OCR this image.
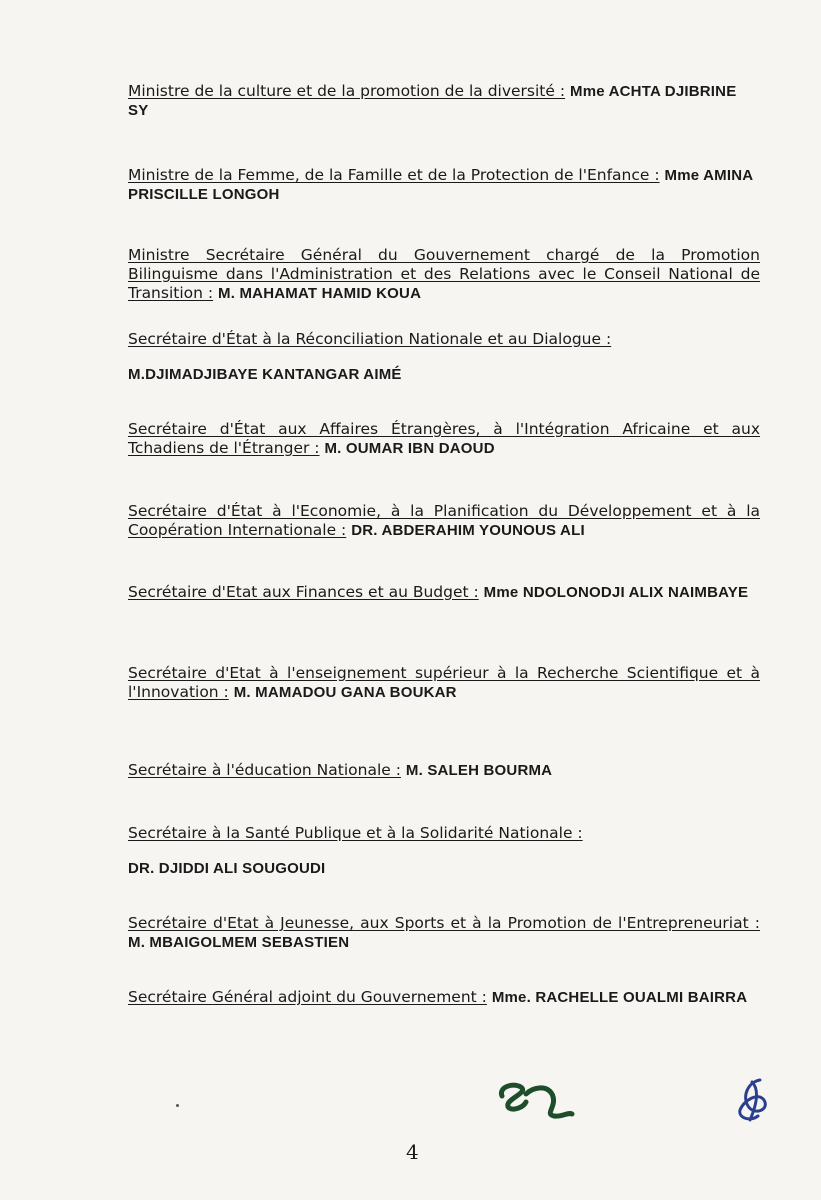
Ministre de la culture et de la promotion de la diversité : Mme ACHTA DJIBRINE SY
Ministre de la Femme, de la Famille et de la Protection de l'Enfance : Mme AMINA PRISCILLE LONGOH
Ministre Secrétaire Général du Gouvernement chargé de la Promotion Bilinguisme dans l'Administration et des Relations avec le Conseil National de Transition : M. MAHAMAT HAMID KOUA
Secrétaire d'État à la Réconciliation Nationale et au Dialogue :
M.DJIMADJIBAYE KANTANGAR AIMÉ
Secrétaire d'État aux Affaires Étrangères, à l'Intégration Africaine et aux Tchadiens de l'Étranger : M. OUMAR IBN DAOUD
Secrétaire d'État à l'Economie, à la Planification du Développement et à la Coopération Internationale : DR. ABDERAHIM YOUNOUS ALI
Secrétaire d'Etat aux Finances et au Budget : Mme NDOLONODJI ALIX NAIMBAYE
Secrétaire d'Etat à l'enseignement supérieur à la Recherche Scientifique et à l'Innovation : M. MAMADOU GANA BOUKAR
Secrétaire à l'éducation Nationale : M. SALEH BOURMA
Secrétaire à la Santé Publique et à la Solidarité Nationale :
DR. DJIDDI ALI SOUGOUDI
Secrétaire d'Etat à Jeunesse, aux Sports et à la Promotion de l'Entrepreneuriat : M. MBAIGOLMEM SEBASTIEN
Secrétaire Général adjoint du Gouvernement : Mme. RACHELLE OUALMI BAIRRA
4
